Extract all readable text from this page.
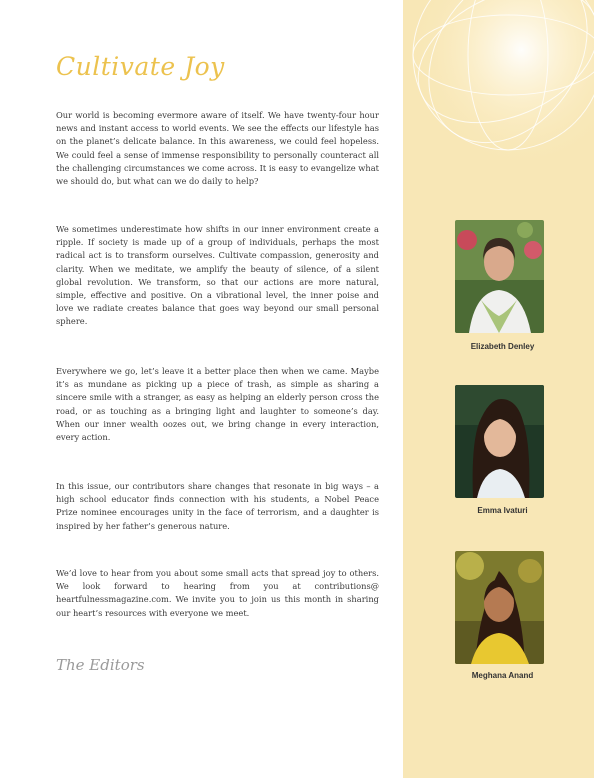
Cultivate Joy

Our world is becoming evermore aware of itself. We have twenty-four hour news and instant access to world events. We see the effects our lifestyle has on the planet’s delicate balance. In this awareness, we could feel hopeless. We could feel a sense of immense responsibility to personally counteract all the challenging circumstances we come across. It is easy to evangelize what we should do, but what can we do daily to help?

We sometimes underestimate how shifts in our inner environment create a ripple. If society is made up of a group of individuals, perhaps the most radical act is to transform ourselves. Cultivate compassion, generosity and clarity. When we meditate, we amplify the beauty of silence, of a silent global revolution. We transform, so that our actions are more natural, simple, effective and positive. On a vibrational level, the inner poise and love we radiate creates balance that goes way beyond our small personal sphere.

Everywhere we go, let’s leave it a better place then when we came. Maybe it’s as mundane as picking up a piece of trash, as simple as sharing a sincere smile with a stranger, as easy as helping an elderly person cross the road, or as touching as a bringing light and laughter to someone’s day. When our inner wealth oozes out, we bring change in every interaction, every action.

In this issue, our contributors share changes that resonate in big ways – a high school educator finds connection with his students, a Nobel Peace Prize nominee encourages unity in the face of terrorism, and a daughter is inspired by her father’s generous nature.

We’d love to hear from you about some small acts that spread joy to others. We look forward to hearing from you at contributions@ heartfulnessmagazine.com. We invite you to join us this month in sharing our heart’s resources with everyone we meet.

The Editors
Elizabeth Denley
Emma Ivaturi
Meghana Anand
